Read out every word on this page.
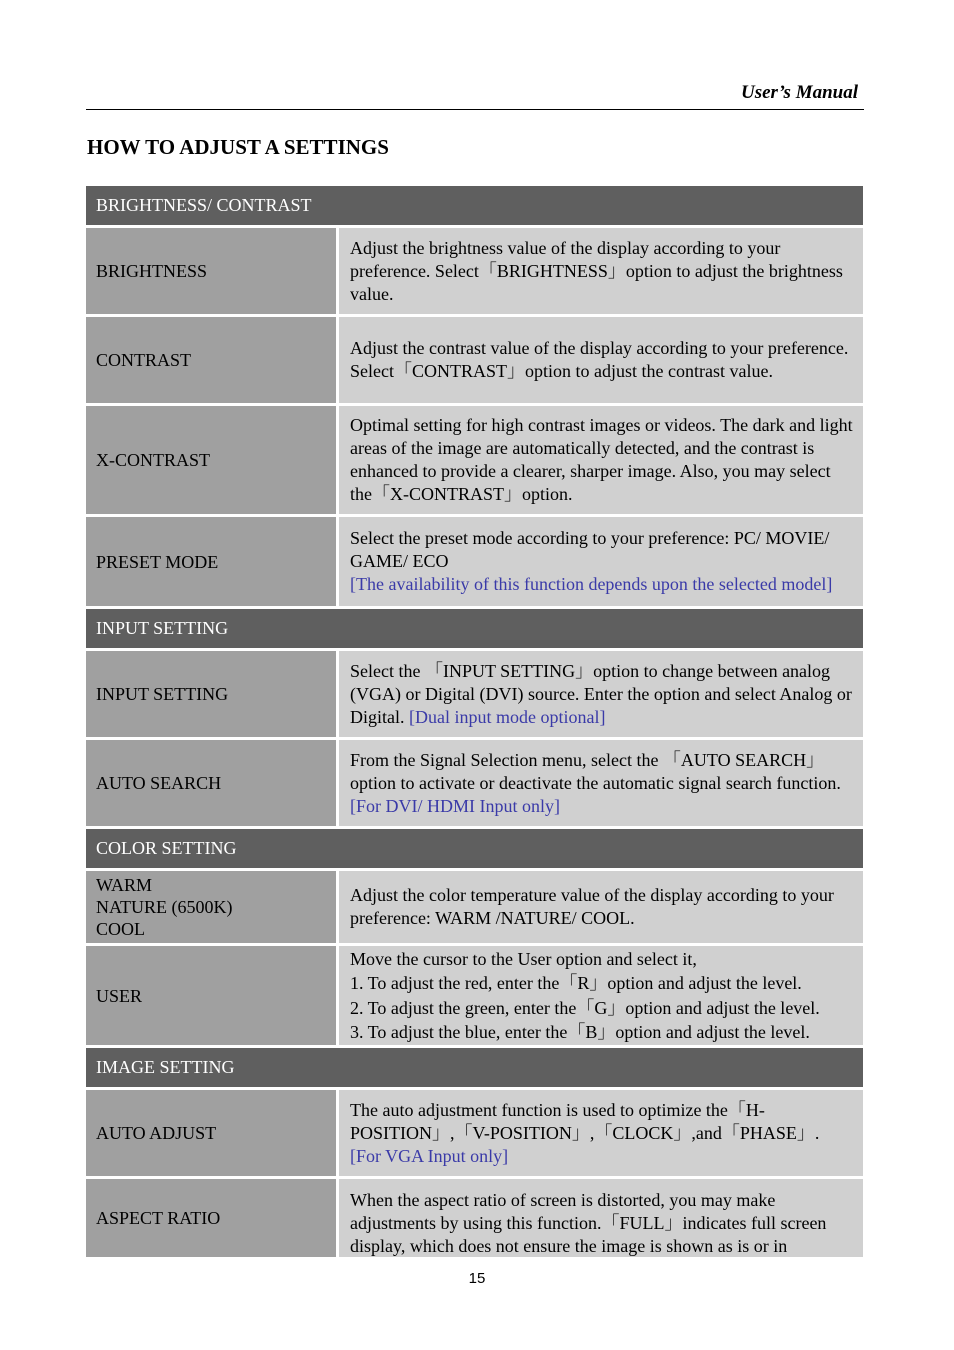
User’s Manual
HOW TO ADJUST A SETTINGS
BRIGHTNESS/ CONTRAST
BRIGHTNESS

Adjust the brightness value of the display according to your preference. Select「BRIGHTNESS」option to adjust the brightness value.

CONTRAST

Adjust the contrast value of the display according to your preference. Select「CONTRAST」option to adjust the contrast value.

X-CONTRAST

Optimal setting for high contrast images or videos. The dark and light areas of the image are automatically detected, and the contrast is enhanced to provide a clearer, sharper image. Also, you may select the「X-CONTRAST」option.

PRESET MODE

Select the preset mode according to your preference: PC/ MOVIE/ GAME/ ECO
[The availability of this function depends upon the selected model]

INPUT SETTING
INPUT SETTING

Select the 「INPUT SETTING」option to change between analog (VGA) or Digital (DVI) source. Enter the option and select Analog or Digital. [Dual input mode optional]

AUTO SEARCH

From the Signal Selection menu, select the 「AUTO SEARCH」option to activate or deactivate the automatic signal search function. [For DVI/ HDMI Input only]

COLOR SETTING
WARM
NATURE (6500K)
COOL

Adjust the color temperature value of the display according to your preference: WARM /NATURE/ COOL.

USER

Move the cursor to the User option and select it,
1. To adjust the red, enter the「R」option and adjust the level.
2. To adjust the green, enter the「G」option and adjust the level.
3. To adjust the blue, enter the「B」option and adjust the level.

IMAGE SETTING
AUTO ADJUST

The auto adjustment function is used to optimize the「H-POSITION」,「V-POSITION」,「CLOCK」,and「PHASE」.
[For VGA Input only]

ASPECT RATIO

When the aspect ratio of screen is distorted, you may make adjustments by using this function.「FULL」indicates full screen display, which does not ensure the image is shown as is or in

15
